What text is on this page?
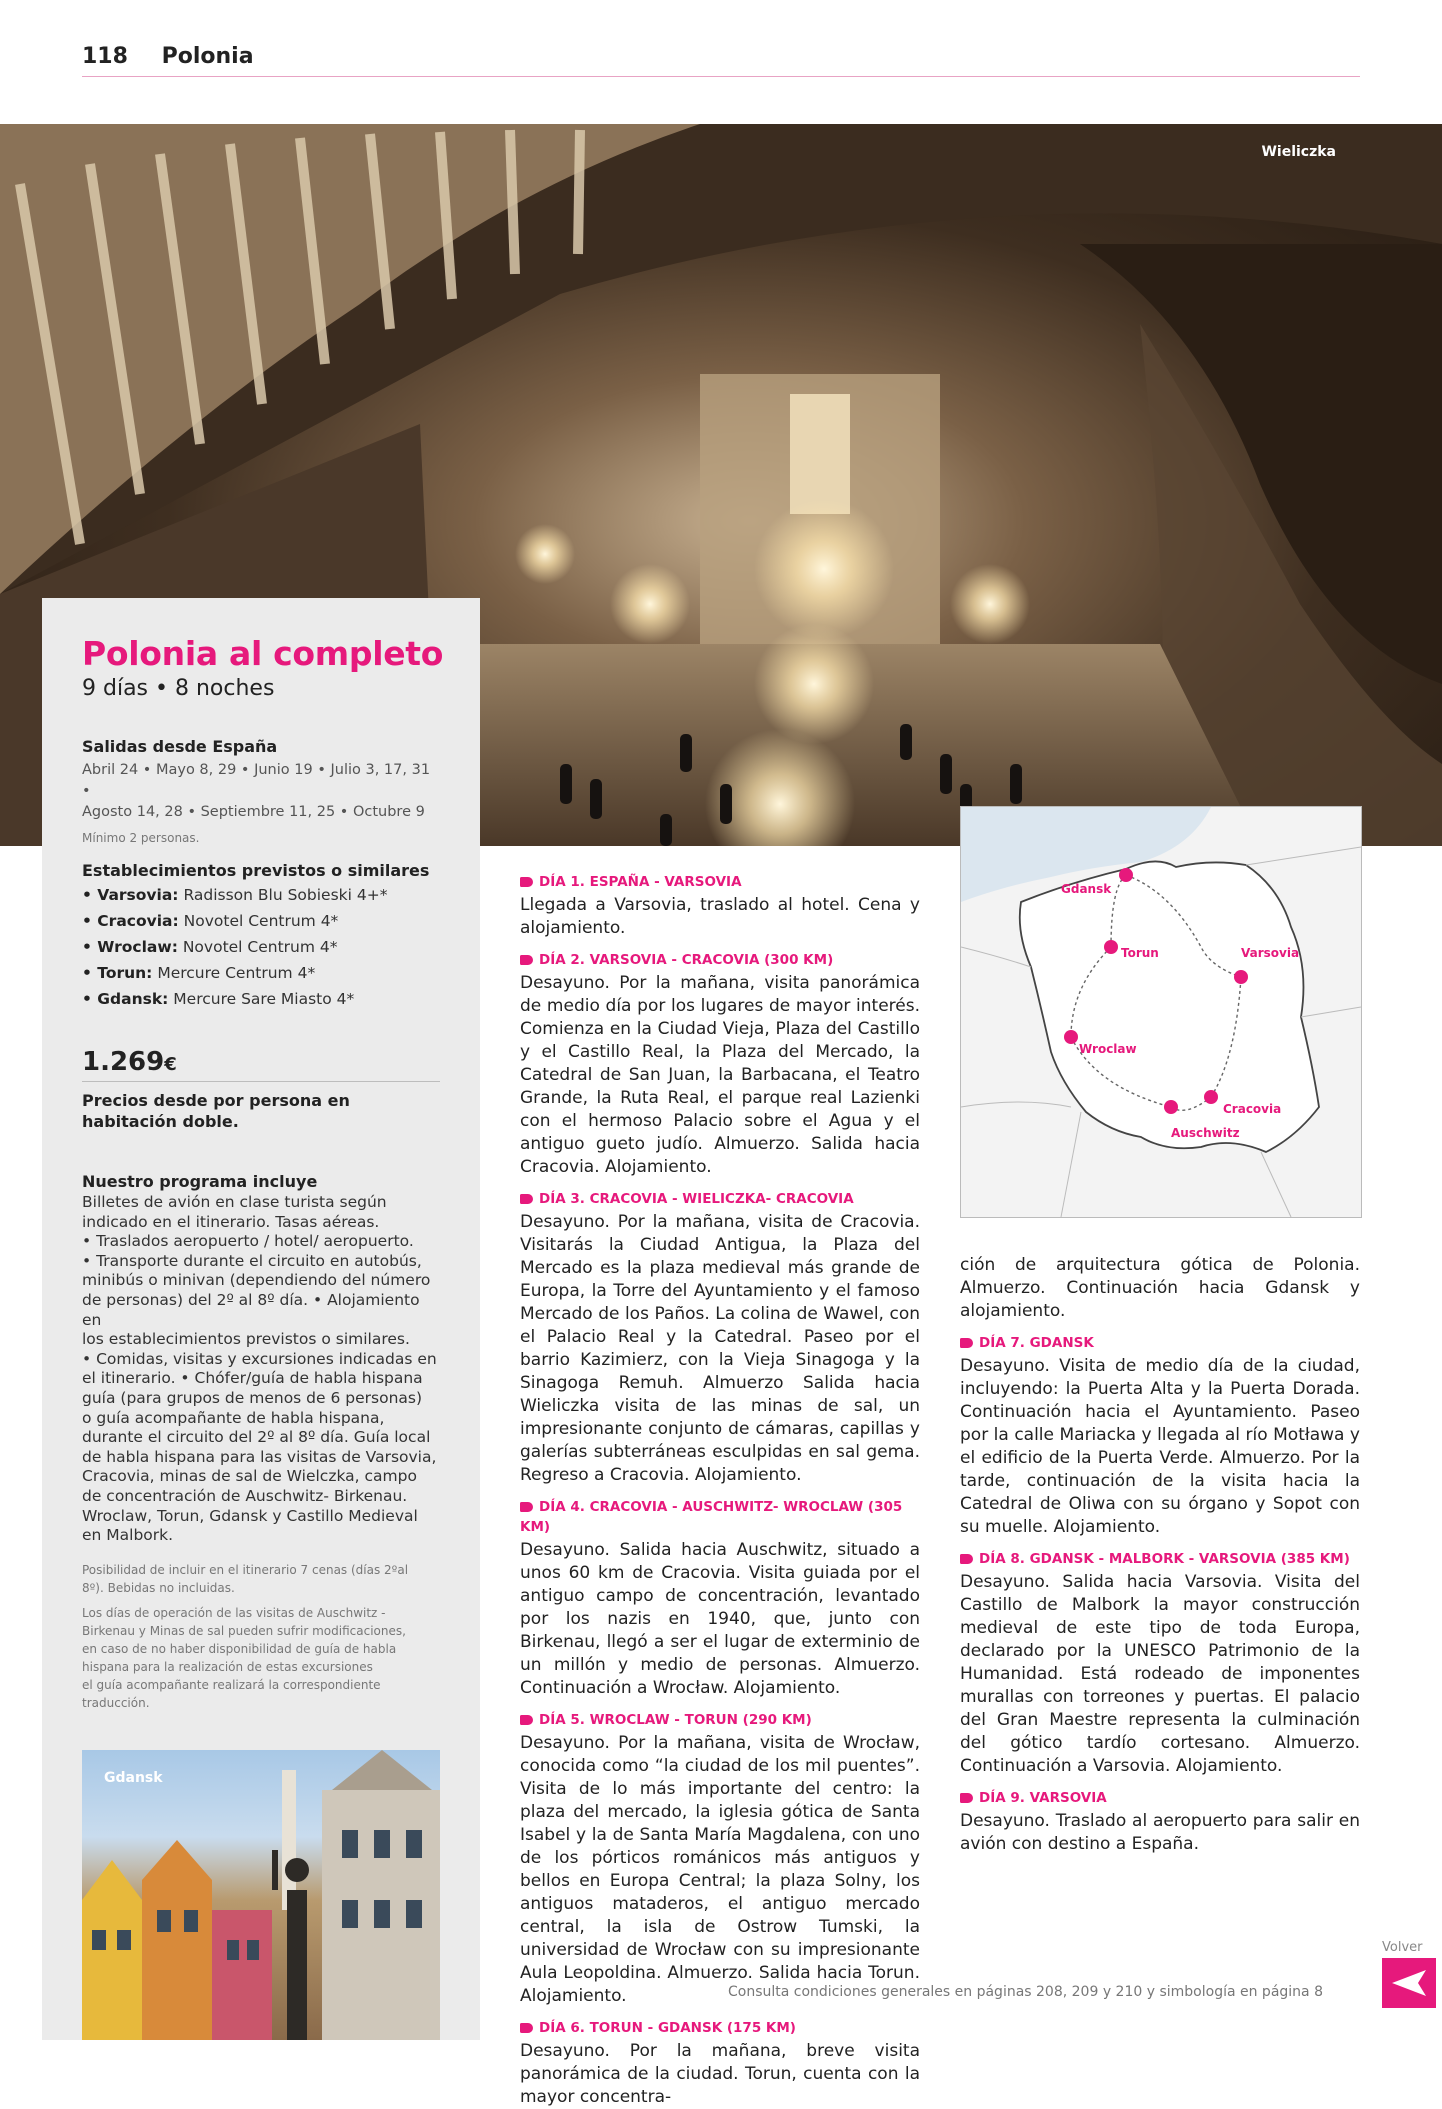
118 Polonia
Wieliczka
Polonia al completo
9 días • 8 noches
Salidas desde España
Abril 24 • Mayo 8, 29 • Junio 19 • Julio 3, 17, 31 •
Agosto 14, 28 • Septiembre 11, 25 • Octubre 9
Mínimo 2 personas.
Establecimientos previstos o similares
• Varsovia: Radisson Blu Sobieski 4+*
• Cracovia: Novotel Centrum 4*
• Wroclaw: Novotel Centrum 4*
• Torun: Mercure Centrum 4*
• Gdansk: Mercure Sare Miasto 4*
1.269€
Precios desde por persona en habitación doble.
Nuestro programa incluye
Billetes de avión en clase turista según
indicado en el itinerario. Tasas aéreas.
• Traslados aeropuerto / hotel/ aeropuerto.
• Transporte durante el circuito en autobús,
minibús o minivan (dependiendo del número
de personas) del 2º al 8º día. • Alojamiento en
los establecimientos previstos o similares.
• Comidas, visitas y excursiones indicadas en
el itinerario. • Chófer/guía de habla hispana
guía (para grupos de menos de 6 personas)
o guía acompañante de habla hispana,
durante el circuito del 2º al 8º día. Guía local
de habla hispana para las visitas de Varsovia,
Cracovia, minas de sal de Wielczka, campo
de concentración de Auschwitz- Birkenau.
Wroclaw, Torun, Gdansk y Castillo Medieval
en Malbork.
Posibilidad de incluir en el itinerario 7 cenas (días 2ºal
8º). Bebidas no incluidas.
Los días de operación de las visitas de Auschwitz -
Birkenau y Minas de sal pueden sufrir modificaciones,
en caso de no haber disponibilidad de guía de habla
hispana para la realización de estas excursiones
el guía acompañante realizará la correspondiente
traducción.
Gdansk
DÍA 1. ESPAÑA - VARSOVIA

Llegada a Varsovia, traslado al hotel. Cena y alojamiento.

DÍA 2. VARSOVIA - CRACOVIA (300 KM)

Desayuno. Por la mañana, visita panorámica de medio día por los lugares de mayor interés. Comienza en la Ciudad Vieja, Plaza del Castillo y el Castillo Real, la Plaza del Mercado, la Catedral de San Juan, la Barbacana, el Teatro Grande, la Ruta Real, el parque real Lazienki con el hermoso Palacio sobre el Agua y el antiguo gueto judío. Almuerzo. Salida hacia Cracovia. Alojamiento.

DÍA 3. CRACOVIA - WIELICZKA- CRACOVIA

Desayuno. Por la mañana, visita de Cracovia. Visitarás la Ciudad Antigua, la Plaza del Mercado es la plaza medieval más grande de Europa, la Torre del Ayuntamiento y el famoso Mercado de los Paños. La colina de Wawel, con el Palacio Real y la Catedral. Paseo por el barrio Kazimierz, con la Vieja Sinagoga y la Sinagoga Remuh. Almuerzo Salida hacia Wieliczka visita de las minas de sal, un impresionante conjunto de cámaras, capillas y galerías subterráneas esculpidas en sal gema. Regreso a Cracovia. Alojamiento.

DÍA 4. CRACOVIA - AUSCHWITZ- WROCLAW (305 KM)

Desayuno. Salida hacia Auschwitz, situado a unos 60 km de Cracovia. Visita guiada por el antiguo campo de concentración, levantado por los nazis en 1940, que, junto con Birkenau, llegó a ser el lugar de exterminio de un millón y medio de personas. Almuerzo. Continuación a Wrocław. Alojamiento.

DÍA 5. WROCLAW - TORUN (290 KM)

Desayuno. Por la mañana, visita de Wrocław, conocida como “la ciudad de los mil puentes”. Visita de lo más importante del centro: la plaza del mercado, la iglesia gótica de Santa Isabel y la de Santa María Magdalena, con uno de los pórticos románicos más antiguos y bellos en Europa Central; la plaza Solny, los antiguos mataderos, el antiguo mercado central, la isla de Ostrow Tumski, la universidad de Wrocław con su impresionante Aula Leopoldina. Almuerzo. Salida hacia Torun. Alojamiento.

DÍA 6. TORUN - GDANSK (175 KM)

Desayuno. Por la mañana, breve visita panorámica de la ciudad. Torun, cuenta con la mayor concentra-

Gdansk
Torun	Varsovia
Wroclaw
Cracovia
Auschwitz

ción de arquitectura gótica de Polonia. Almuerzo. Continuación hacia Gdansk y alojamiento.

DÍA 7. GDANSK

Desayuno. Visita de medio día de la ciudad, incluyendo: la Puerta Alta y la Puerta Dorada. Continuación hacia el Ayuntamiento. Paseo por la calle Mariacka y llegada al río Motława y el edificio de la Puerta Verde. Almuerzo. Por la tarde, continuación de la visita hacia la Catedral de Oliwa con su órgano y Sopot con su muelle. Alojamiento.

DÍA 8. GDANSK - MALBORK - VARSOVIA (385 KM)

Desayuno. Salida hacia Varsovia. Visita del Castillo de Malbork la mayor construcción medieval de este tipo de toda Europa, declarado por la UNESCO Patrimonio de la Humanidad. Está rodeado de imponentes murallas con torreones y puertas. El palacio del Gran Maestre representa la culminación del gótico tardío cortesano. Almuerzo. Continuación a Varsovia. Alojamiento.

DÍA 9. VARSOVIA

Desayuno. Traslado al aeropuerto para salir en avión con destino a España.

Consulta condiciones generales en páginas 208, 209 y 210 y simbología en página 8
Volver
